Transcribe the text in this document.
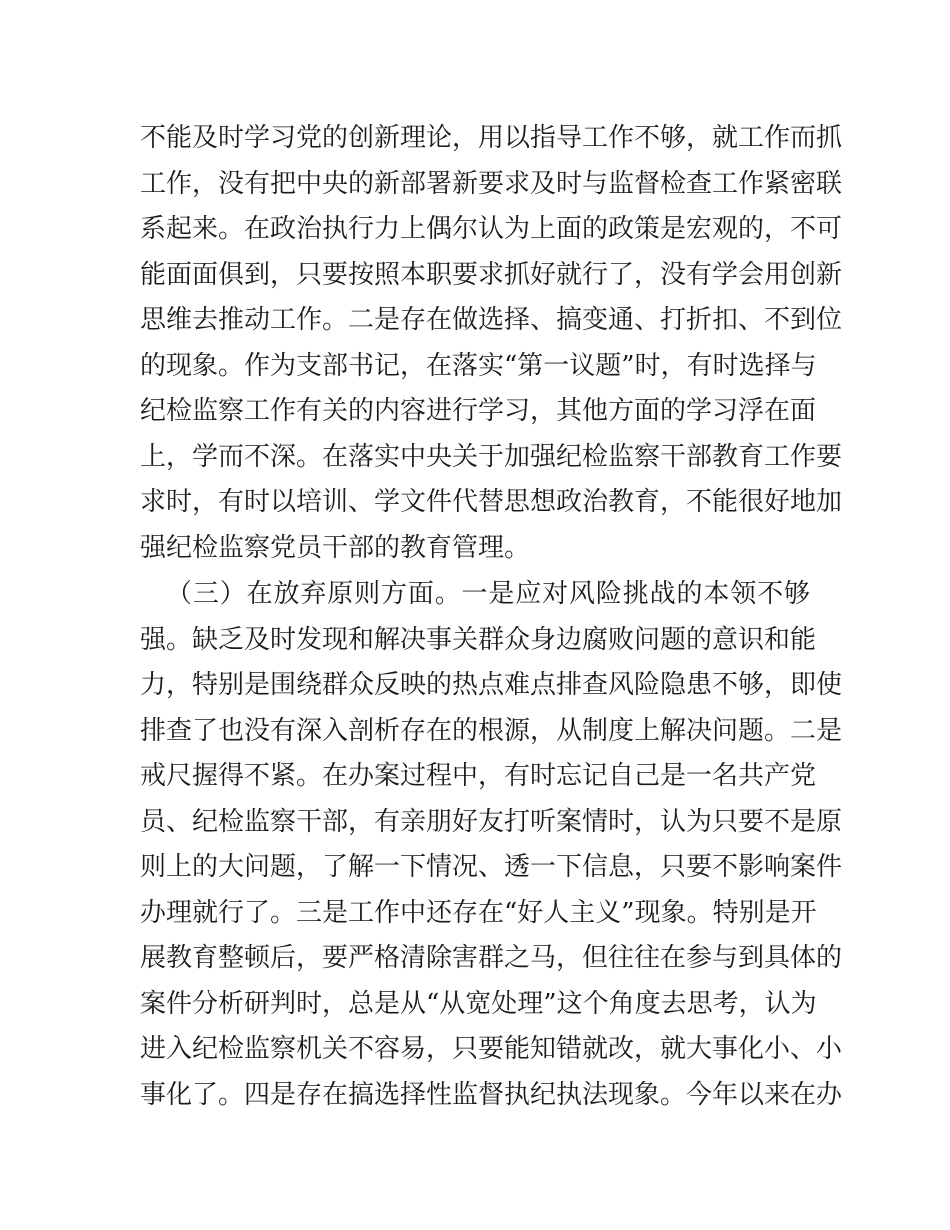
不能及时学习党的创新理论，用以指导工作不够，就工作而抓
工作，没有把中央的新部署新要求及时与监督检查工作紧密联
系起来。在政治执行力上偶尔认为上面的政策是宏观的，不可
能面面俱到，只要按照本职要求抓好就行了，没有学会用创新
思维去推动工作。二是存在做选择、搞变通、打折扣、不到位
的现象。作为支部书记，在落实“第一议题”时，有时选择与
纪检监察工作有关的内容进行学习，其他方面的学习浮在面
上，学而不深。在落实中央关于加强纪检监察干部教育工作要
求时，有时以培训、学文件代替思想政治教育，不能很好地加
强纪检监察党员干部的教育管理。
（三）在放弃原则方面。一是应对风险挑战的本领不够
强。缺乏及时发现和解决事关群众身边腐败问题的意识和能
力，特别是围绕群众反映的热点难点排查风险隐患不够，即使
排查了也没有深入剖析存在的根源，从制度上解决问题。二是
戒尺握得不紧。在办案过程中，有时忘记自己是一名共产党
员、纪检监察干部，有亲朋好友打听案情时，认为只要不是原
则上的大问题，了解一下情况、透一下信息，只要不影响案件
办理就行了。三是工作中还存在“好人主义”现象。特别是开
展教育整顿后，要严格清除害群之马，但往往在参与到具体的
案件分析研判时，总是从“从宽处理”这个角度去思考，认为
进入纪检监察机关不容易，只要能知错就改，就大事化小、小
事化了。四是存在搞选择性监督执纪执法现象。今年以来在办
